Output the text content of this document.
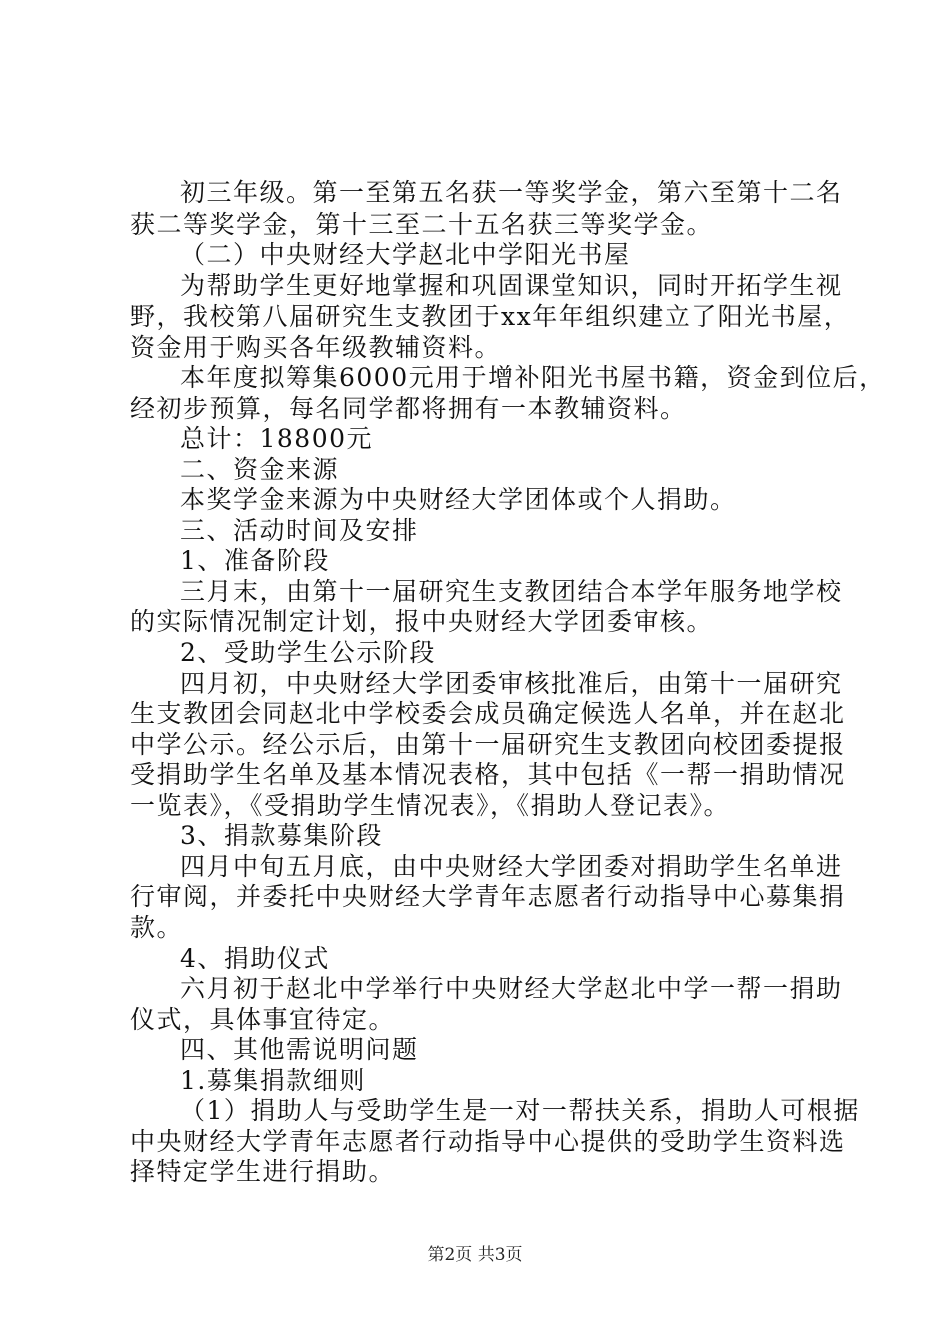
初三年级。第一至第五名获一等奖学金，第六至第十二名
获二等奖学金，第十三至二十五名获三等奖学金。
（二）中央财经大学赵北中学阳光书屋
为帮助学生更好地掌握和巩固课堂知识，同时开拓学生视
野，我校第八届研究生支教团于xx年年组织建立了阳光书屋，
资金用于购买各年级教辅资料。
本年度拟筹集6000元用于增补阳光书屋书籍，资金到位后，
经初步预算，每名同学都将拥有一本教辅资料。
总计：18800元
二、资金来源
本奖学金来源为中央财经大学团体或个人捐助。
三、活动时间及安排
1、准备阶段
三月末，由第十一届研究生支教团结合本学年服务地学校
的实际情况制定计划，报中央财经大学团委审核。
2、受助学生公示阶段
四月初，中央财经大学团委审核批准后，由第十一届研究
生支教团会同赵北中学校委会成员确定候选人名单，并在赵北
中学公示。经公示后，由第十一届研究生支教团向校团委提报
受捐助学生名单及基本情况表格，其中包括《一帮一捐助情况
一览表》，《受捐助学生情况表》，《捐助人登记表》。
3、捐款募集阶段
四月中旬五月底，由中央财经大学团委对捐助学生名单进
行审阅，并委托中央财经大学青年志愿者行动指导中心募集捐
款。
4、捐助仪式
六月初于赵北中学举行中央财经大学赵北中学一帮一捐助
仪式，具体事宜待定。
四、其他需说明问题
1.募集捐款细则
（1）捐助人与受助学生是一对一帮扶关系，捐助人可根据
中央财经大学青年志愿者行动指导中心提供的受助学生资料选
择特定学生进行捐助。
第2页 共3页
